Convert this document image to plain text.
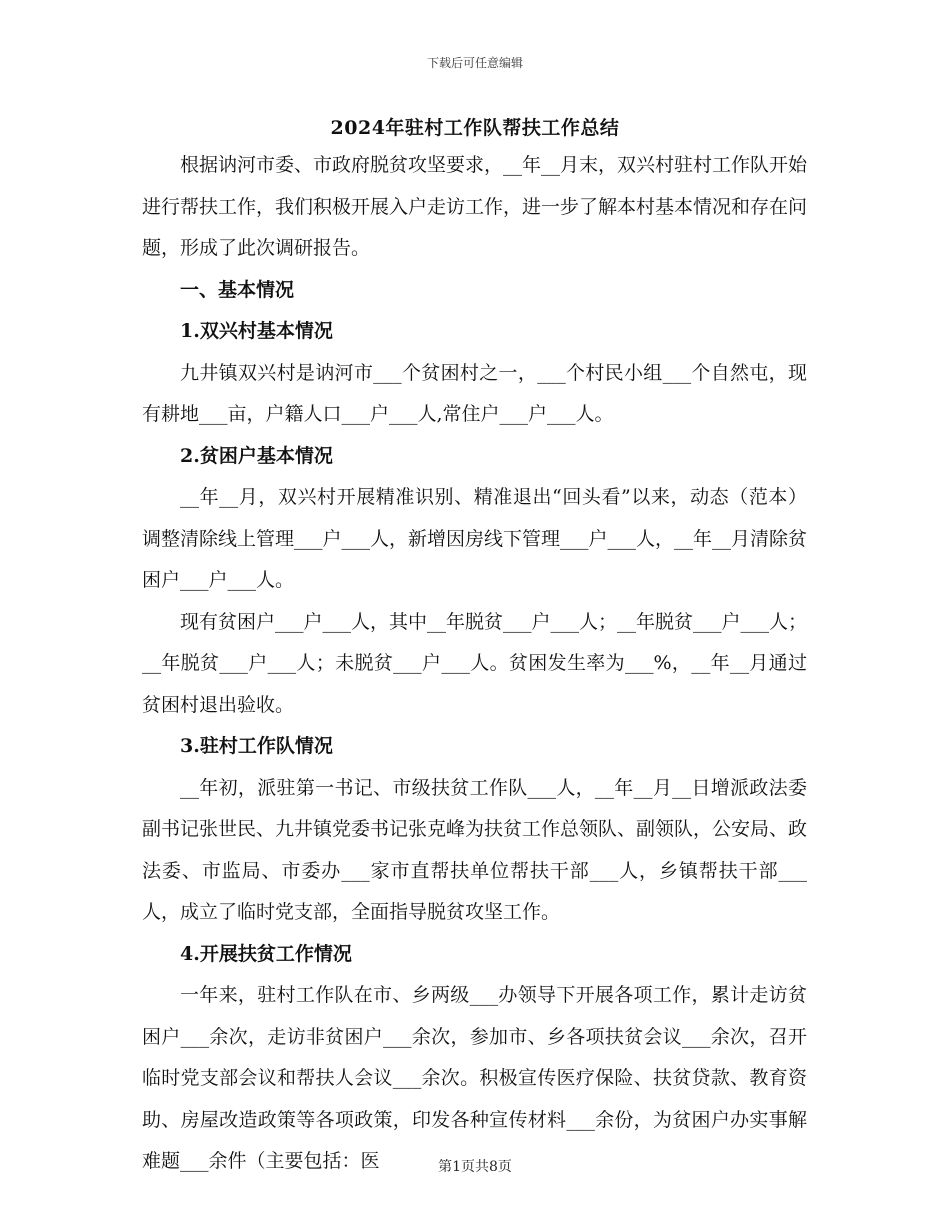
下载后可任意编辑
2024年驻村工作队帮扶工作总结

根据讷河市委、市政府脱贫攻坚要求，__年__月末，双兴村驻村工作队开始进行帮扶工作，我们积极开展入户走访工作，进一步了解本村基本情况和存在问题，形成了此次调研报告。

一、基本情况

1.双兴村基本情况

九井镇双兴村是讷河市___个贫困村之一，___个村民小组___个自然屯，现有耕地___亩，户籍人口___户___人,常住户___户___人。

2.贫困户基本情况

__年__月，双兴村开展精准识别、精准退出“回头看”以来，动态（范本）调整清除线上管理___户___人，新增因房线下管理___户___人，__年__月清除贫困户___户___人。

现有贫困户___户___人，其中__年脱贫___户___人；__年脱贫___户___人；__年脱贫___户___人；未脱贫___户___人。贫困发生率为___%，__年__月通过贫困村退出验收。

3.驻村工作队情况

__年初，派驻第一书记、市级扶贫工作队___人，__年__月__日增派政法委副书记张世民、九井镇党委书记张克峰为扶贫工作总领队、副领队，公安局、政法委、市监局、市委办___家市直帮扶单位帮扶干部___人，乡镇帮扶干部___人，成立了临时党支部，全面指导脱贫攻坚工作。

4.开展扶贫工作情况

一年来，驻村工作队在市、乡两级___办领导下开展各项工作，累计走访贫困户___余次，走访非贫困户___余次，参加市、乡各项扶贫会议___余次，召开临时党支部会议和帮扶人会议___余次。积极宣传医疗保险、扶贫贷款、教育资助、房屋改造政策等各项政策，印发各种宣传材料___余份，为贫困户办实事解难题___余件（主要包括：医	第1页共8页
